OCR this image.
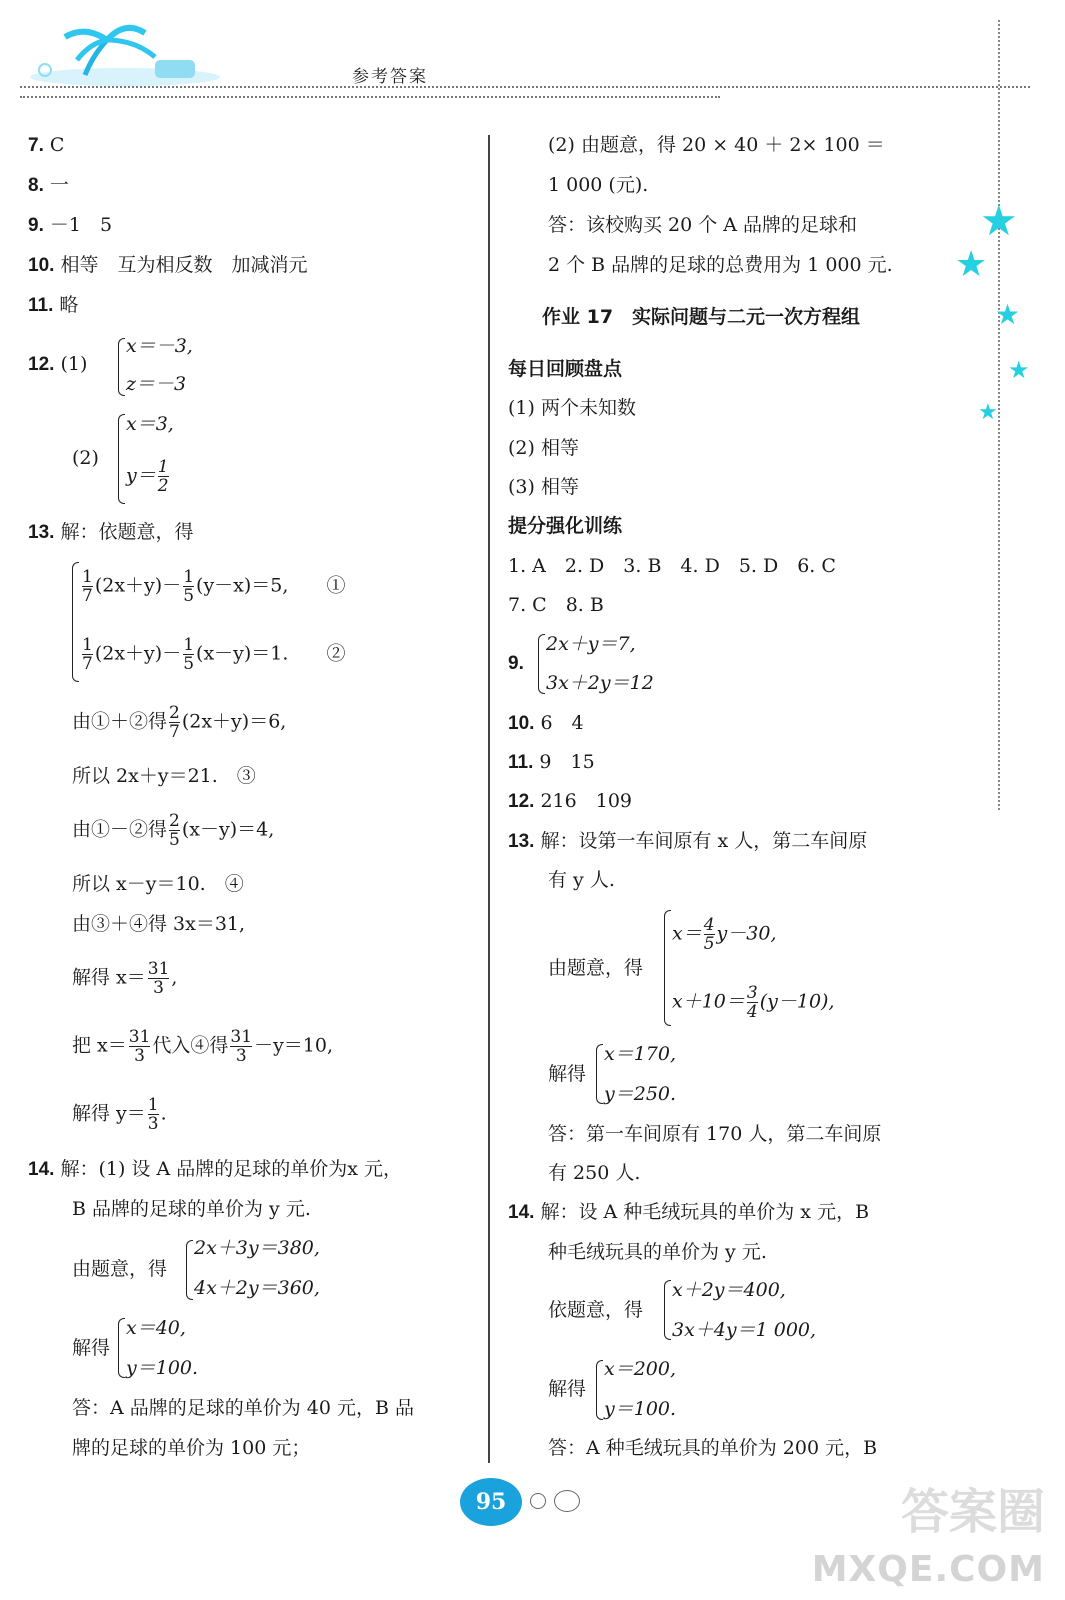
参考答案
★
★
★
★
★
7. C
8. 一
9. －1　5
10. 相等　互为相反数　加减消元
11. 略
12. (1)
x＝－3,
z＝－3
(2)
x＝3,
$y= \frac{1}{2}$
13. 解：依题意，得
$\frac{1}{7} (2x+y)- \frac{1}{5} (y-x)=5$,　　 ①
$\frac{1}{7} (2x+y)- \frac{1}{5} (x-y)=1$.　　 ②
由①＋②得 $\frac{2}{7} (2x+y)=6$,
所以 2x＋y＝21.　③
由①－②得 $\frac{2}{5} (x-y)=4$,
所以 x－y＝10.　④
由③＋④得 3x＝31,
解得 $x= \frac{31}{3}$ ,
把 $x= \frac{31}{3}$ 代入④得 $\frac{31}{3} -y=10$,
解得 $y= \frac{1}{3}$ .
14. 解：(1) 设 A 品牌的足球的单价为x 元，
B 品牌的足球的单价为 y 元.
由题意，得
2x＋3y＝380,
4x＋2y＝360,
解得
x＝40,
y＝100.
答：A 品牌的足球的单价为 40 元，B 品
牌的足球的单价为 100 元；
(2) 由题意，得 20 × 40 ＋ 2× 100 ＝
1 000 (元).
答：该校购买 20 个 A 品牌的足球和
2 个 B 品牌的足球的总费用为 1 000 元.
作业 17　实际问题与二元一次方程组
每日回顾盘点
(1) 两个未知数
(2) 相等
(3) 相等
提分强化训练
1. A　2. D　3. B　4. D　5. D　6. C
7. C　8. B
9.
2x＋y＝7,
3x＋2y＝12
10. 6　4
11. 9　15
12. 216　109
13. 解：设第一车间原有 x 人，第二车间原
有 y 人.
由题意，得
$x= \frac{4}{5} y-30$,
$x+10= \frac{3}{4} (y-10)$,
解得
x＝170,
y＝250.
答：第一车间原有 170 人，第二车间原
有 250 人.
14. 解：设 A 种毛绒玩具的单价为 x 元，B
种毛绒玩具的单价为 y 元.
依题意，得
x＋2y＝400,
3x＋4y＝1 000,
解得
x＝200,
y＝100.
答：A 种毛绒玩具的单价为 200 元，B
95	答案圈
MXQE.COM
